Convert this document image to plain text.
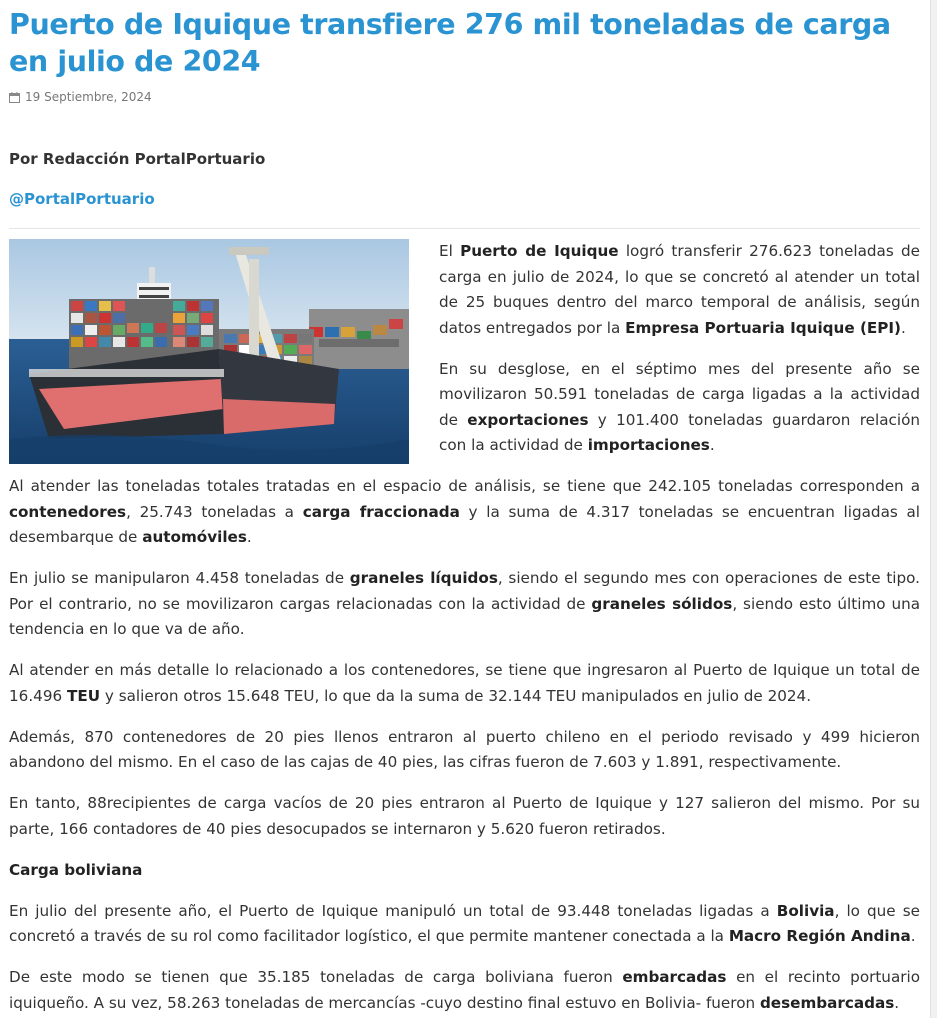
Puerto de Iquique transfiere 276 mil toneladas de carga en julio de 2024
19 Septiembre, 2024
Por Redacción PortalPortuario
@PortalPortuario

El Puerto de Iquique logró transferir 276.623 toneladas de carga en julio de 2024, lo que se concretó al atender un total de 25 buques dentro del marco temporal de análisis, según datos entregados por la Empresa Portuaria Iquique (EPI).

En su desglose, en el séptimo mes del presente año se movilizaron 50.591 toneladas de carga ligadas a la actividad de exportaciones y 101.400 toneladas guardaron relación con la actividad de importaciones.

Al atender las toneladas totales tratadas en el espacio de análisis, se tiene que 242.105 toneladas corresponden a contenedores, 25.743 toneladas a carga fraccionada y la suma de 4.317 toneladas se encuentran ligadas al desembarque de automóviles.

En julio se manipularon 4.458 toneladas de graneles líquidos, siendo el segundo mes con operaciones de este tipo. Por el contrario, no se movilizaron cargas relacionadas con la actividad de graneles sólidos, siendo esto último una tendencia en lo que va de año.

Al atender en más detalle lo relacionado a los contenedores, se tiene que ingresaron al Puerto de Iquique un total de 16.496 TEU y salieron otros 15.648 TEU, lo que da la suma de 32.144 TEU manipulados en julio de 2024.

Además, 870 contenedores de 20 pies llenos entraron al puerto chileno en el periodo revisado y 499 hicieron abandono del mismo. En el caso de las cajas de 40 pies, las cifras fueron de 7.603 y 1.891, respectivamente.

En tanto, 88recipientes de carga vacíos de 20 pies entraron al Puerto de Iquique y 127 salieron del mismo. Por su parte, 166 contadores de 40 pies desocupados se internaron y 5.620 fueron retirados.

Carga boliviana

En julio del presente año, el Puerto de Iquique manipuló un total de 93.448 toneladas ligadas a Bolivia, lo que se concretó a través de su rol como facilitador logístico, el que permite mantener conectada a la Macro Región Andina.

De este modo se tienen que 35.185 toneladas de carga boliviana fueron embarcadas en el recinto portuario iquiqueño. A su vez, 58.263 toneladas de mercancías -cuyo destino final estuvo en Bolivia- fueron desembarcadas.
